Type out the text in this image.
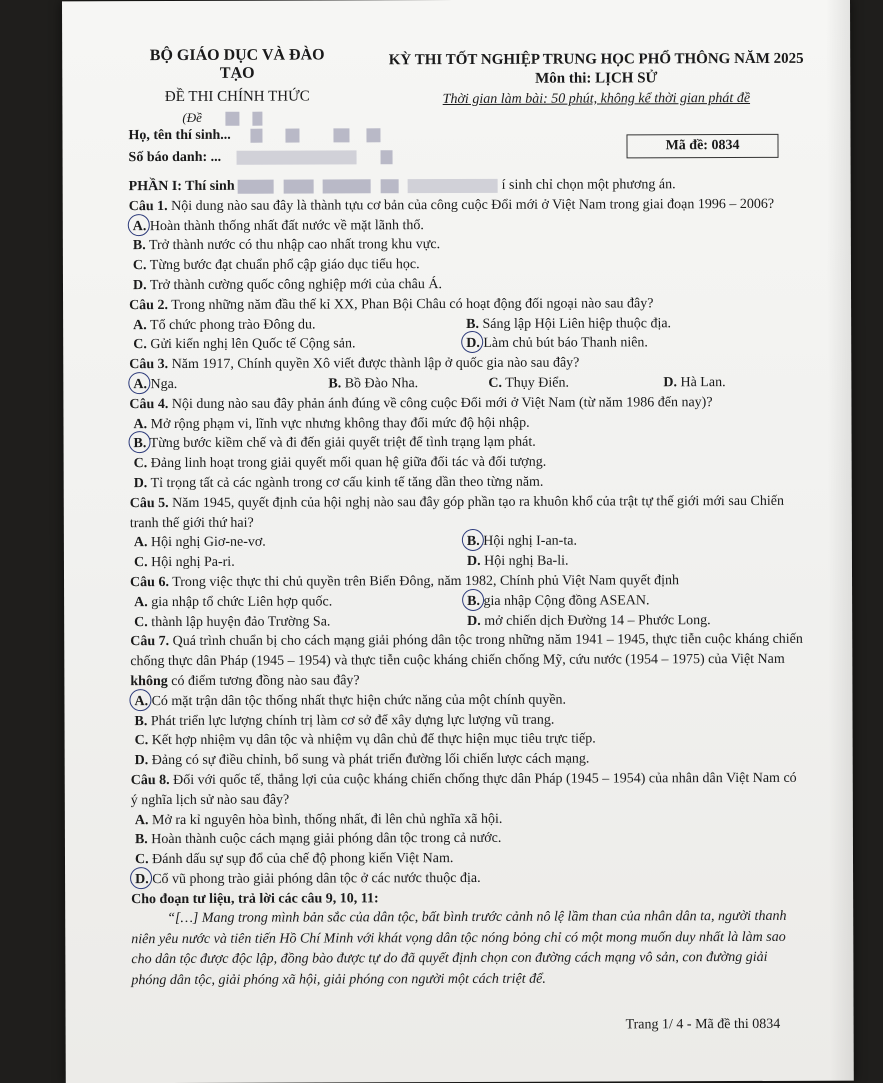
BỘ GIÁO DỤC VÀ ĐÀO TẠO
ĐỀ THI CHÍNH THỨC
(Đề
KỲ THI TỐT NGHIỆP TRUNG HỌC PHỔ THÔNG NĂM 2025
Môn thi: LỊCH SỬ
Thời gian làm bài: 50 phút, không kể thời gian phát đề
Họ, tên thí sinh...
Số báo danh: ...
Mã đề: 0834
PHẦN I: Thí sinh	í sinh chỉ chọn một phương án.
Câu 1. Nội dung nào sau đây là thành tựu cơ bản của công cuộc Đổi mới ở Việt Nam trong giai đoạn 1996 – 2006?
A. Hoàn thành thống nhất đất nước về mặt lãnh thổ.
B. Trở thành nước có thu nhập cao nhất trong khu vực.
C. Từng bước đạt chuẩn phổ cập giáo dục tiểu học.
D. Trở thành cường quốc công nghiệp mới của châu Á.
Câu 2. Trong những năm đầu thế kỉ XX, Phan Bội Châu có hoạt động đối ngoại nào sau đây?
A. Tổ chức phong trào Đông du.	B. Sáng lập Hội Liên hiệp thuộc địa.
C. Gửi kiến nghị lên Quốc tế Cộng sản.	D. Làm chủ bút báo Thanh niên.
Câu 3. Năm 1917, Chính quyền Xô viết được thành lập ở quốc gia nào sau đây?
A. Nga.	B. Bồ Đào Nha.	C. Thụy Điển.	D. Hà Lan.
Câu 4. Nội dung nào sau đây phản ánh đúng về công cuộc Đổi mới ở Việt Nam (từ năm 1986 đến nay)?
A. Mở rộng phạm vi, lĩnh vực nhưng không thay đổi mức độ hội nhập.
B. Từng bước kiềm chế và đi đến giải quyết triệt để tình trạng lạm phát.
C. Đảng linh hoạt trong giải quyết mối quan hệ giữa đối tác và đối tượng.
D. Tỉ trọng tất cả các ngành trong cơ cấu kinh tế tăng dần theo từng năm.
Câu 5. Năm 1945, quyết định của hội nghị nào sau đây góp phần tạo ra khuôn khổ của trật tự thế giới mới sau Chiến
tranh thế giới thứ hai?
A. Hội nghị Giơ-ne-vơ.	B. Hội nghị I-an-ta.
C. Hội nghị Pa-ri.	D. Hội nghị Ba-li.
Câu 6. Trong việc thực thi chủ quyền trên Biển Đông, năm 1982, Chính phủ Việt Nam quyết định
A. gia nhập tổ chức Liên hợp quốc.	B. gia nhập Cộng đồng ASEAN.
C. thành lập huyện đảo Trường Sa.	D. mở chiến dịch Đường 14 – Phước Long.
Câu 7. Quá trình chuẩn bị cho cách mạng giải phóng dân tộc trong những năm 1941 – 1945, thực tiễn cuộc kháng chiến
chống thực dân Pháp (1945 – 1954) và thực tiễn cuộc kháng chiến chống Mỹ, cứu nước (1954 – 1975) của Việt Nam
không có điểm tương đồng nào sau đây?
A. Có mặt trận dân tộc thống nhất thực hiện chức năng của một chính quyền.
B. Phát triển lực lượng chính trị làm cơ sở để xây dựng lực lượng vũ trang.
C. Kết hợp nhiệm vụ dân tộc và nhiệm vụ dân chủ để thực hiện mục tiêu trực tiếp.
D. Đảng có sự điều chỉnh, bổ sung và phát triển đường lối chiến lược cách mạng.
Câu 8. Đối với quốc tế, thắng lợi của cuộc kháng chiến chống thực dân Pháp (1945 – 1954) của nhân dân Việt Nam có
ý nghĩa lịch sử nào sau đây?
A. Mở ra kỉ nguyên hòa bình, thống nhất, đi lên chủ nghĩa xã hội.
B. Hoàn thành cuộc cách mạng giải phóng dân tộc trong cả nước.
C. Đánh dấu sự sụp đổ của chế độ phong kiến Việt Nam.
D. Cổ vũ phong trào giải phóng dân tộc ở các nước thuộc địa.
Cho đoạn tư liệu, trả lời các câu 9, 10, 11:
“[…] Mang trong mình bản sắc của dân tộc, bất bình trước cảnh nô lệ lầm than của nhân dân ta, người thanh niên yêu nước và tiên tiến Hồ Chí Minh với khát vọng dân tộc nóng bỏng chỉ có một mong muốn duy nhất là làm sao cho dân tộc được độc lập, đồng bào được tự do đã quyết định chọn con đường cách mạng vô sản, con đường giải phóng dân tộc, giải phóng xã hội, giải phóng con người một cách triệt để.
Trang 1/ 4 - Mã đề thi 0834
